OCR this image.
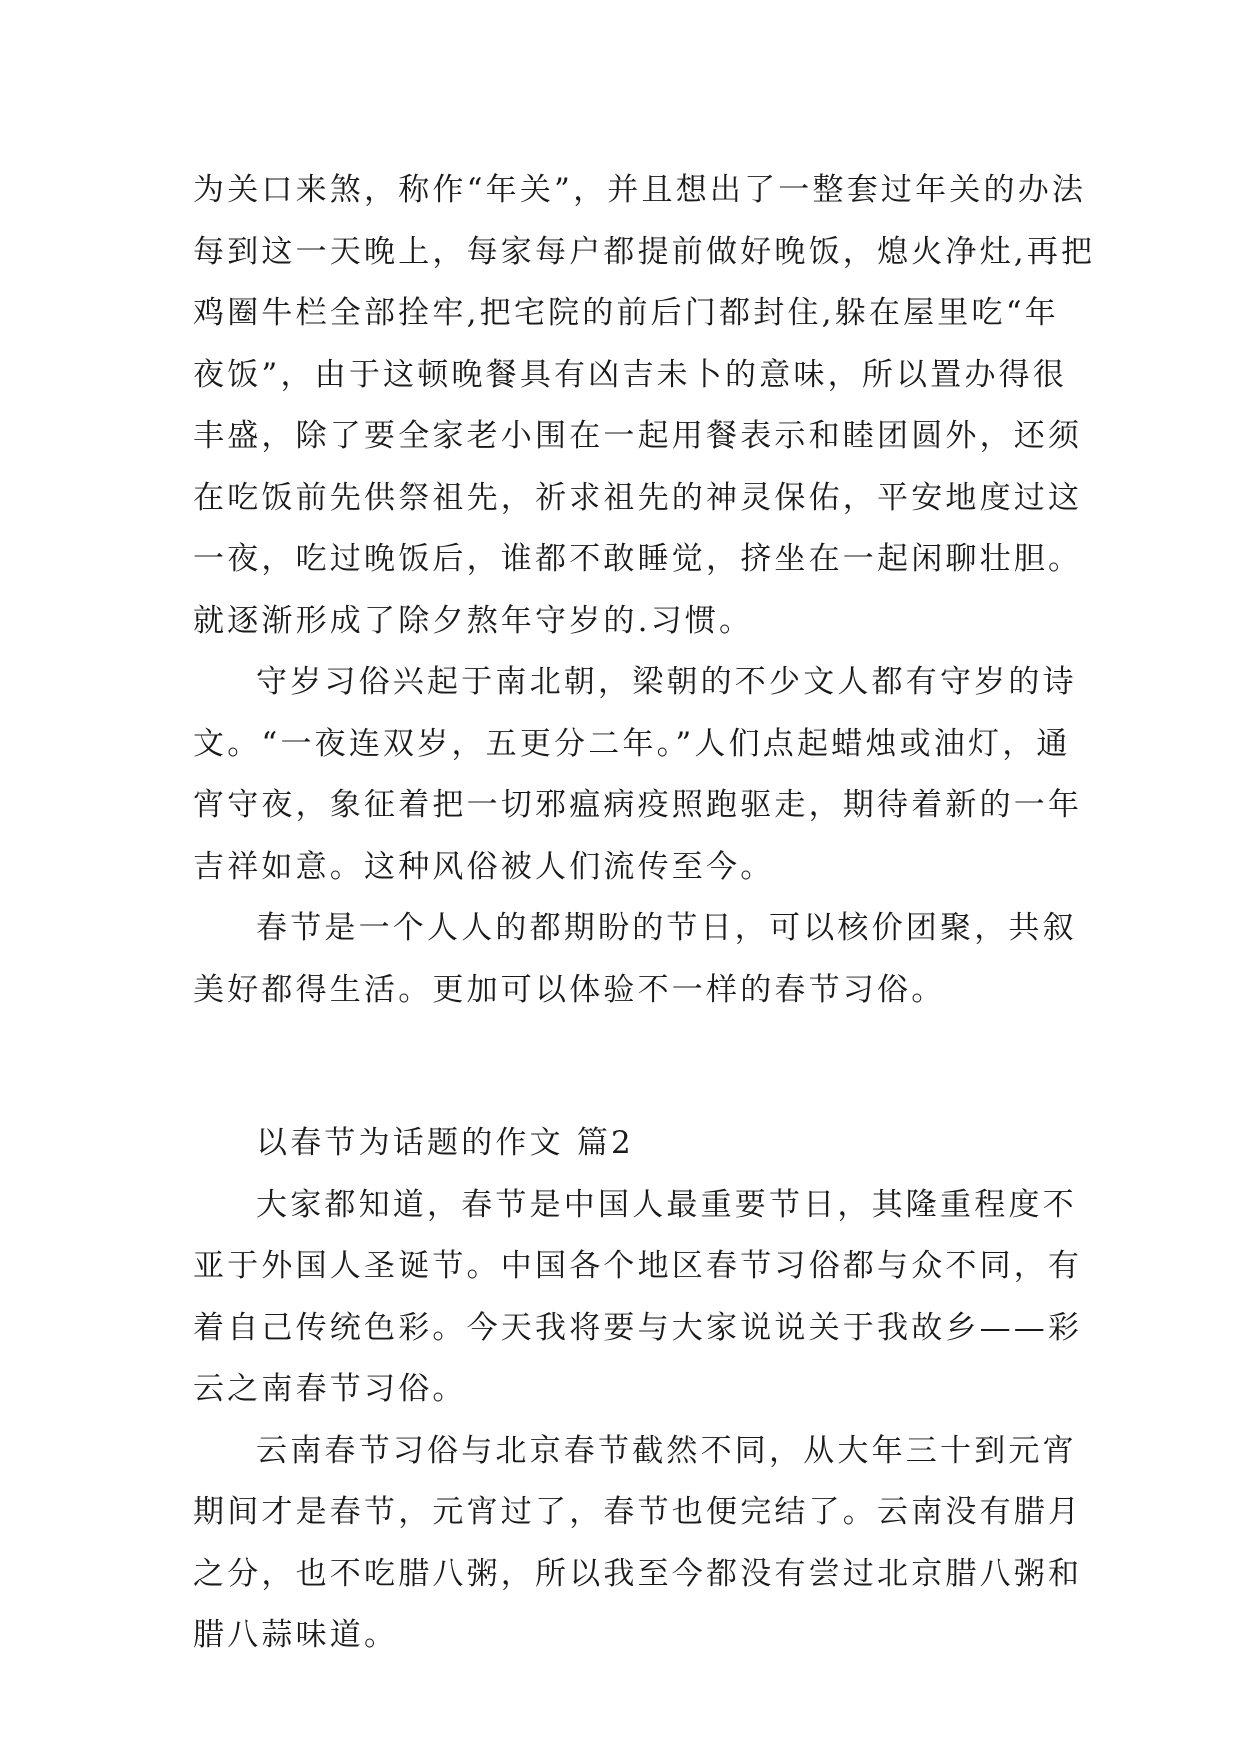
为关口来煞，称作“年关”，并且想出了一整套过年关的办法
每到这一天晚上，每家每户都提前做好晚饭，熄火净灶,再把
鸡圈牛栏全部拴牢,把宅院的前后门都封住,躲在屋里吃“年
夜饭”，由于这顿晚餐具有凶吉未卜的意味，所以置办得很
丰盛，除了要全家老小围在一起用餐表示和睦团圆外，还须
在吃饭前先供祭祖先，祈求祖先的神灵保佑，平安地度过这
一夜，吃过晚饭后，谁都不敢睡觉，挤坐在一起闲聊壮胆。
就逐渐形成了除夕熬年守岁的.习惯。
守岁习俗兴起于南北朝，梁朝的不少文人都有守岁的诗
文。“一夜连双岁，五更分二年。”人们点起蜡烛或油灯，通
宵守夜，象征着把一切邪瘟病疫照跑驱走，期待着新的一年
吉祥如意。这种风俗被人们流传至今。
春节是一个人人的都期盼的节日，可以核价团聚，共叙
美好都得生活。更加可以体验不一样的春节习俗。
以春节为话题的作文 篇2
大家都知道，春节是中国人最重要节日，其隆重程度不
亚于外国人圣诞节。中国各个地区春节习俗都与众不同，有
着自己传统色彩。今天我将要与大家说说关于我故乡——彩
云之南春节习俗。
云南春节习俗与北京春节截然不同，从大年三十到元宵
期间才是春节，元宵过了，春节也便完结了。云南没有腊月
之分，也不吃腊八粥，所以我至今都没有尝过北京腊八粥和
腊八蒜味道。
